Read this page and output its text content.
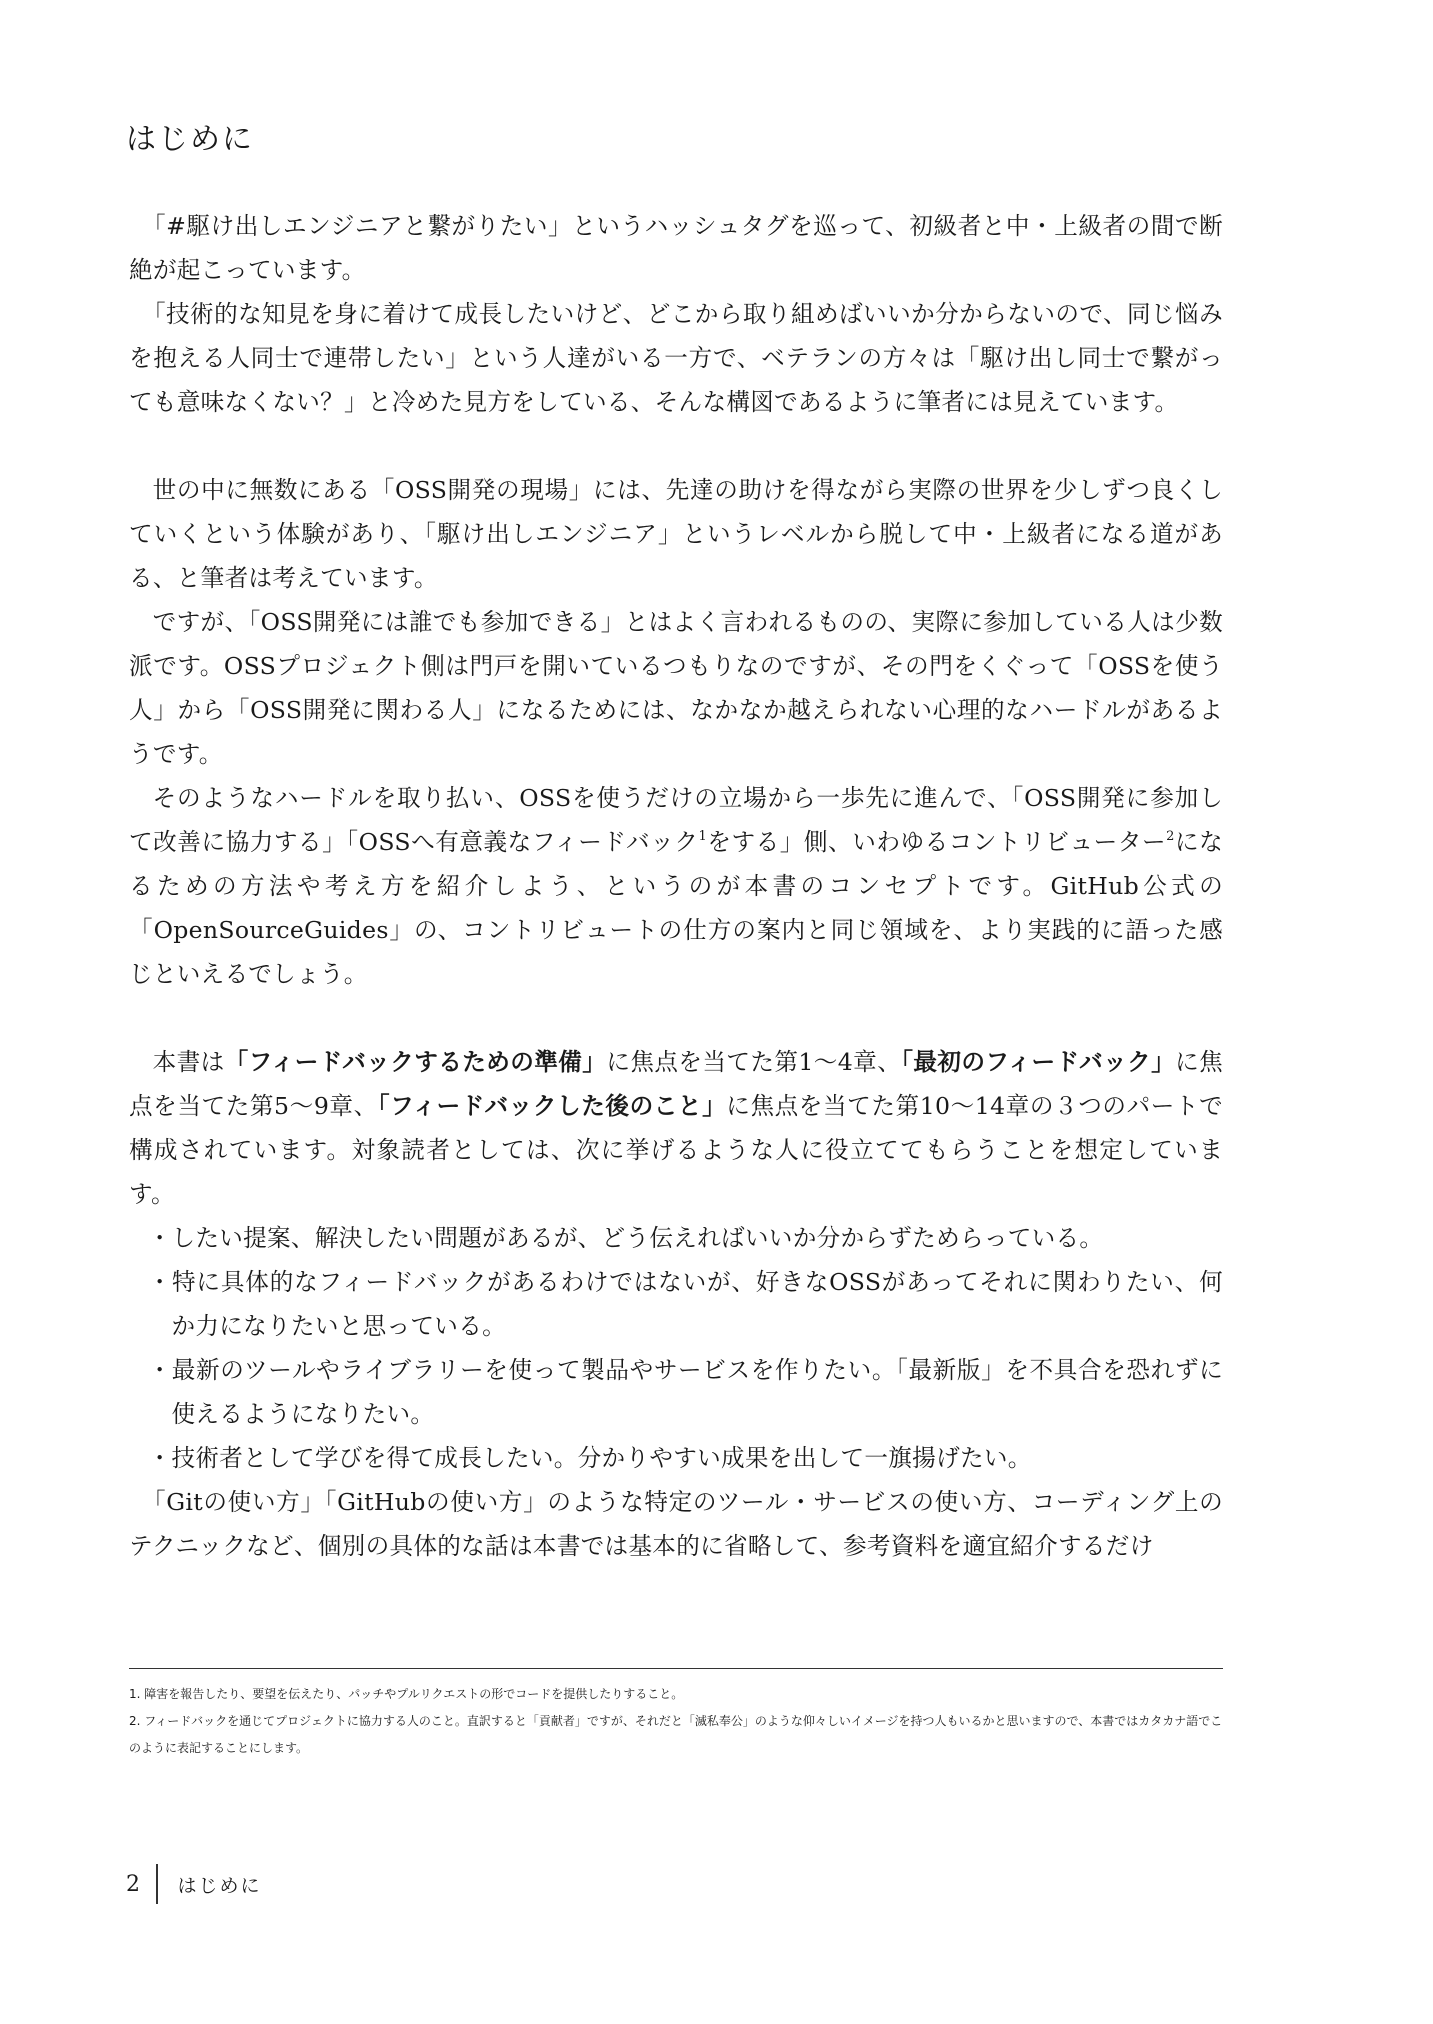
はじめに

「#駆け出しエンジニアと繋がりたい」というハッシュタグを巡って、初級者と中・上級者の間で断絶が起こっています。

「技術的な知見を身に着けて成長したいけど、どこから取り組めばいいか分からないので、同じ悩みを抱える人同士で連帯したい」という人達がいる一方で、ベテランの方々は「駆け出し同士で繋がっても意味なくない？」と冷めた見方をしている、そんな構図であるように筆者には見えています。

世の中に無数にある「OSS開発の現場」には、先達の助けを得ながら実際の世界を少しずつ良くしていくという体験があり、「駆け出しエンジニア」というレベルから脱して中・上級者になる道がある、と筆者は考えています。

ですが、「OSS開発には誰でも参加できる」とはよく言われるものの、実際に参加している人は少数派です。OSSプロジェクト側は門戸を開いているつもりなのですが、その門をくぐって「OSSを使う人」から「OSS開発に関わる人」になるためには、なかなか越えられない心理的なハードルがあるようです。

そのようなハードルを取り払い、OSSを使うだけの立場から一歩先に進んで、「OSS開発に参加して改善に協力する」「OSSへ有意義なフィードバック$^1$をする」側、いわゆるコントリビューター$^2$になるための方法や考え方を紹介しよう、というのが本書のコンセプトです。GitHub公式の「OpenSourceGuides」の、コントリビュートの仕方の案内と同じ領域を、より実践的に語った感じといえるでしょう。

本書は「フィードバックするための準備」に焦点を当てた第1〜4章、「最初のフィードバック」に焦点を当てた第5〜9章、「フィードバックした後のこと」に焦点を当てた第10〜14章の３つのパートで構成されています。対象読者としては、次に挙げるような人に役立ててもらうことを想定しています。

・したい提案、解決したい問題があるが、どう伝えればいいか分からずためらっている。
・特に具体的なフィードバックがあるわけではないが、好きなOSSがあってそれに関わりたい、何か力になりたいと思っている。
・最新のツールやライブラリーを使って製品やサービスを作りたい。「最新版」を不具合を恐れずに使えるようになりたい。
・技術者として学びを得て成長したい。分かりやすい成果を出して一旗揚げたい。

「Gitの使い方」「GitHubの使い方」のような特定のツール・サービスの使い方、コーディング上のテクニックなど、個別の具体的な話は本書では基本的に省略して、参考資料を適宜紹介するだけ

1. 障害を報告したり、要望を伝えたり、パッチやプルリクエストの形でコードを提供したりすること。

2. フィードバックを通じてプロジェクトに協力する人のこと。直訳すると「貢献者」ですが、それだと「滅私奉公」のような仰々しいイメージを持つ人もいるかと思いますので、本書ではカタカナ語でこのように表記することにします。

2	はじめに
